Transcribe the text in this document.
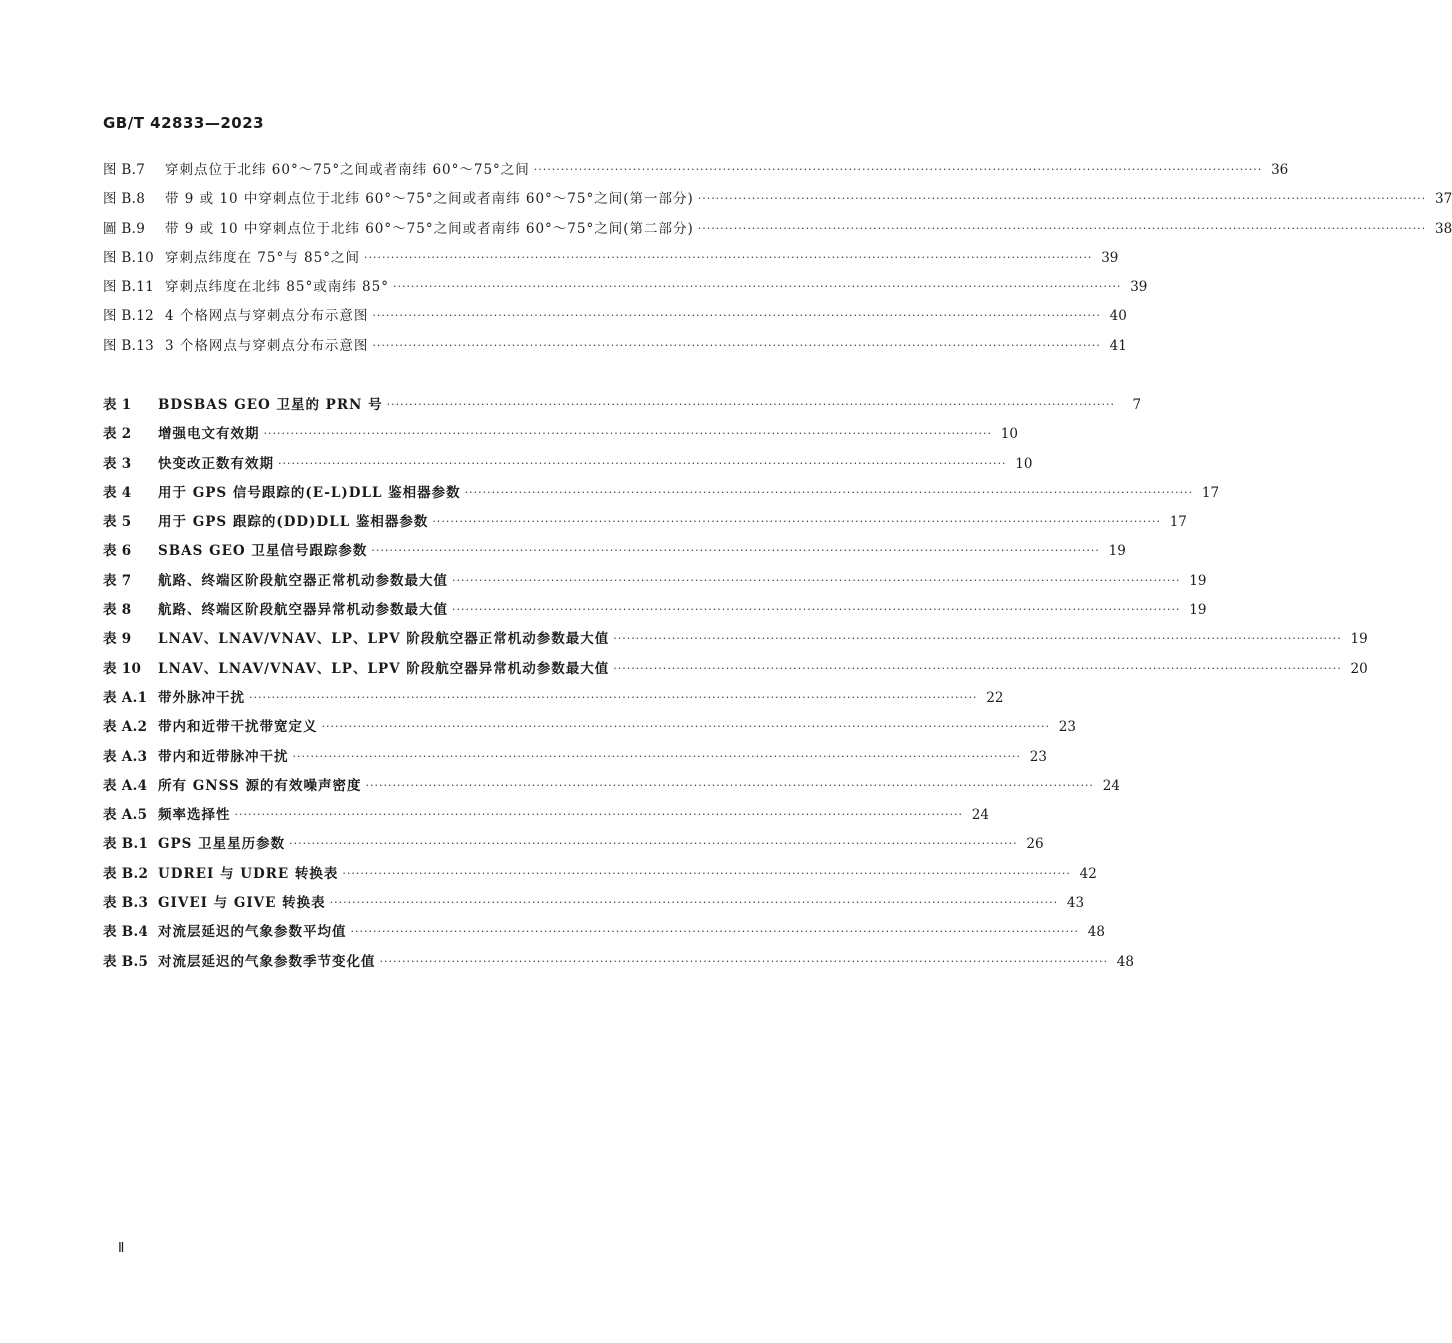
GB/T 42833—2023
图 B.7	穿刺点位于北纬 60°～75°之间或者南纬 60°～75°之间 ·····	36
图 B.8	带 9 或 10 中穿刺点位于北纬 60°～75°之间或者南纬 60°～75°之间(第一部分) ·····	37
圖 B.9	带 9 或 10 中穿刺点位于北纬 60°～75°之间或者南纬 60°～75°之间(第二部分) ·····	38
图 B.10 穿刺点纬度在 75°与 85°之间 ·····	39
图 B.11 穿刺点纬度在北纬 85°或南纬 85° ·····	39
图 B.12 4 个格网点与穿刺点分布示意图 ·····	40
图 B.13 3 个格网点与穿刺点分布示意图 ·····	41
表 1	BDSBAS GEO 卫星的 PRN 号 ·····	7
表 2	增强电文有效期 ·····	10
表 3	快变改正数有效期 ·····	10
表 4	用于 GPS 信号跟踪的(E-L)DLL 鉴相器参数 ·····	17
表 5	用于 GPS 跟踪的(DD)DLL 鉴相器参数 ·····	17
表 6	SBAS GEO 卫星信号跟踪参数 ·····	19
表 7	航路、终端区阶段航空器正常机动参数最大值 ·····	19
表 8	航路、终端区阶段航空器异常机动参数最大值 ·····	19
表 9	LNAV、LNAV/VNAV、LP、LPV 阶段航空器正常机动参数最大值 ·····	19
表 10	LNAV、LNAV/VNAV、LP、LPV 阶段航空器异常机动参数最大值 ·····	20
表 A.1 带外脉冲干扰 ·····	22
表 A.2 带内和近带干扰带宽定义 ·····	23
表 A.3 带内和近带脉冲干扰 ·····	23
表 A.4 所有 GNSS 源的有效噪声密度 ·····	24
表 A.5 频率选择性 ·····	24
表 B.1 GPS 卫星星历参数 ·····	26
表 B.2 UDREI 与 UDRE 转换表 ·····	42
表 B.3 GIVEI 与 GIVE 转换表 ·····	43
表 B.4 对流层延迟的气象参数平均值 ·····	48
表 B.5 对流层延迟的气象参数季节变化值 ·····	48
Ⅱ
